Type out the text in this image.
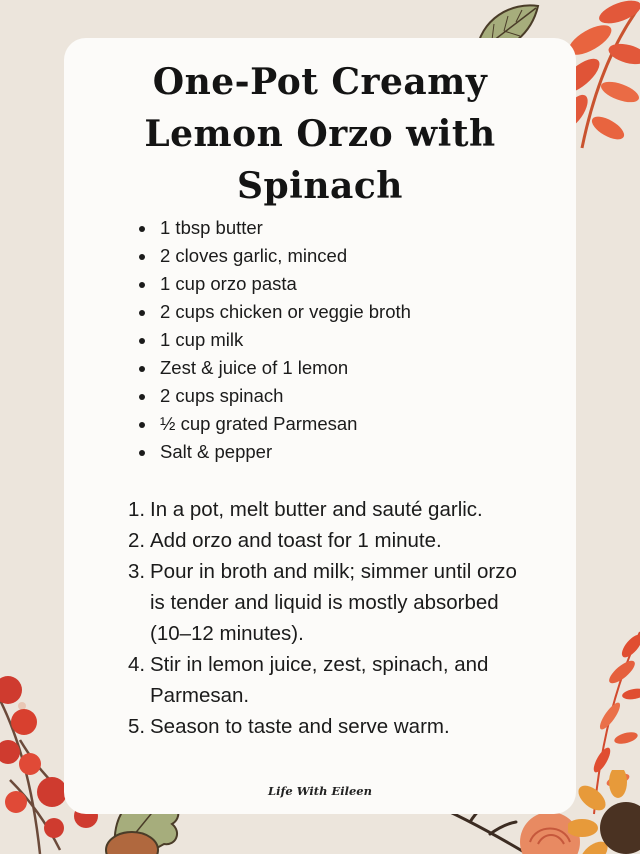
One-Pot Creamy
Lemon Orzo with
Spinach
1 tbsp butter
2 cloves garlic, minced
1 cup orzo pasta
2 cups chicken or veggie broth
1 cup milk
Zest & juice of 1 lemon
2 cups spinach
½ cup grated Parmesan
Salt & pepper
1. In a pot, melt butter and sauté garlic.
2. Add orzo and toast for 1 minute.
3. Pour in broth and milk; simmer until orzo
is tender and liquid is mostly absorbed
(10–12 minutes).
4. Stir in lemon juice, zest, spinach, and
Parmesan.
5. Season to taste and serve warm.
Life With Eileen
